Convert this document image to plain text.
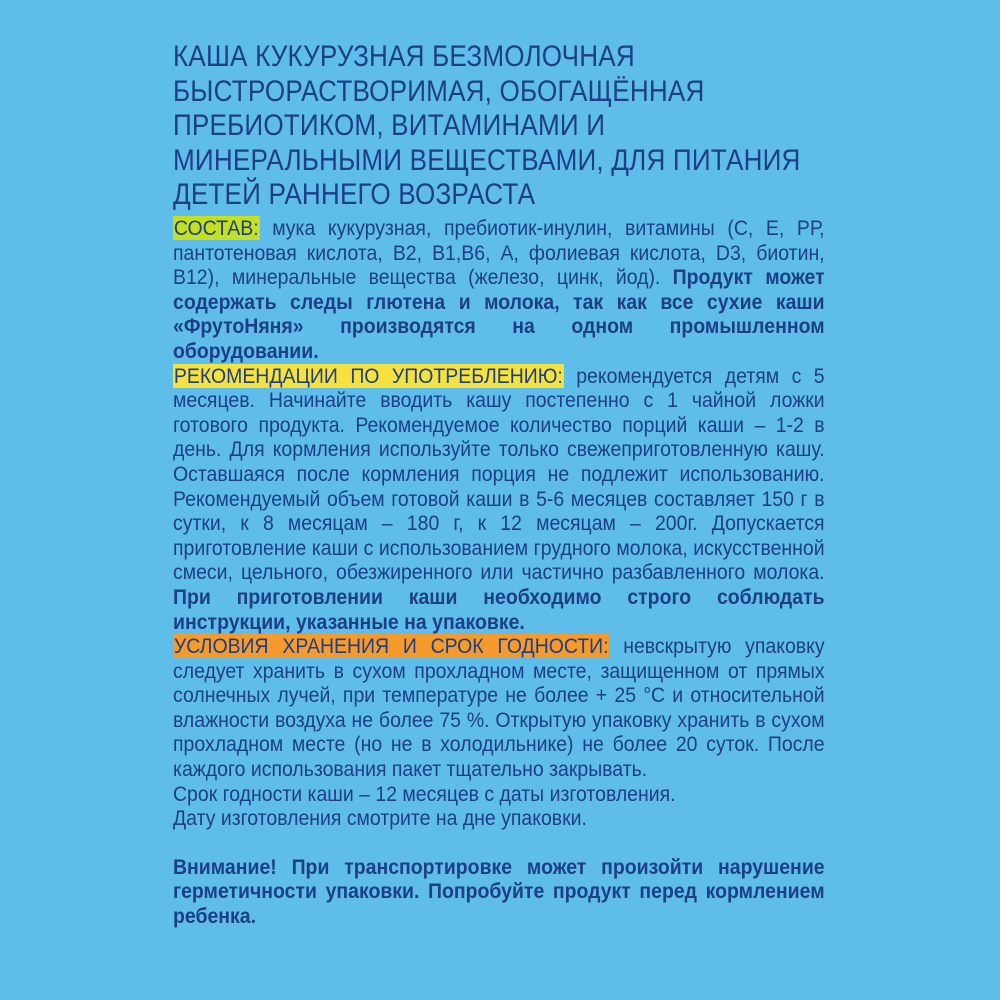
КАША КУКУРУЗНАЯ БЕЗМОЛОЧНАЯ
БЫСТРОРАСТВОРИМАЯ, ОБОГАЩЁННАЯ
ПРЕБИОТИКОМ, ВИТАМИНАМИ И
МИНЕРАЛЬНЫМИ ВЕЩЕСТВАМИ, ДЛЯ ПИТАНИЯ
ДЕТЕЙ РАННЕГО ВОЗРАСТА

СОСТАВ: мука кукурузная, пребиотик-инулин, витамины (С, Е, РР, пантотеновая кислота, В2, В1,В6, А, фолиевая кислота, D3, биотин, В12), минеральные вещества (железо, цинк, йод). Продукт может содержать следы глютена и молока, так как все сухие каши «ФрутоНяня» производятся на одном промышленном оборудовании.

РЕКОМЕНДАЦИИ ПО УПОТРЕБЛЕНИЮ: рекомендуется детям с 5 месяцев. Начинайте вводить кашу постепенно с 1 чайной ложки готового продукта. Рекомендуемое количество порций каши – 1-2 в день. Для кормления используйте только свежеприготовленную кашу. Оставшаяся после кормления порция не подлежит использованию. Рекомендуемый объем готовой каши в 5-6 месяцев составляет 150 г в сутки, к 8 месяцам – 180 г, к 12 месяцам – 200г. Допускается приготовление каши с использованием грудного молока, искусственной смеси, цельного, обезжиренного или частично разбавленного молока. При приготовлении каши необходимо строго соблюдать инструкции, указанные на упаковке.

УСЛОВИЯ ХРАНЕНИЯ И СРОК ГОДНОСТИ: невскрытую упаковку следует хранить в сухом прохладном месте, защищенном от прямых солнечных лучей, при температуре не более + 25 °С и относительной влажности воздуха не более 75 %. Открытую упаковку хранить в сухом прохладном месте (но не в холодильнике) не более 20 суток. После каждого использования пакет тщательно закрывать.

Срок годности каши – 12 месяцев с даты изготовления.

Дату изготовления смотрите на дне упаковки.

Внимание! При транспортировке может произойти нарушение герметичности упаковки. Попробуйте продукт перед кормлением ребенка.
